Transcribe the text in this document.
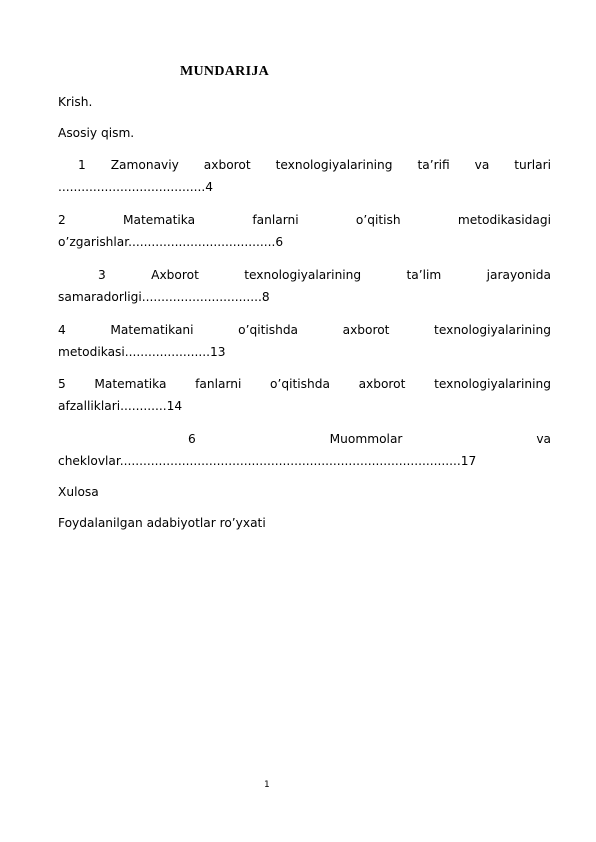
MUNDARIJA

Krish.

Asosiy qism.

1 Zamonaviy axborot texnologiyalarining ta’rifi va turlari
......................................4
2	Matematika	fanlarni	o’qitish	metodikasidagi
o’zgarishlar......................................6
3	Axborot	texnologiyalarining	ta’lim	jarayonida
samaradorligi...............................8
4	Matematikani	o’qitishda	axborot	texnologiyalarining
metodikasi......................13
5 Matematika fanlarni o’qitishda axborot texnologiyalarining
afzalliklari............14
6	Muommolar	va
cheklovlar........................................................................................17

Xulosa

Foydalanilgan adabiyotlar ro’yxati

1
